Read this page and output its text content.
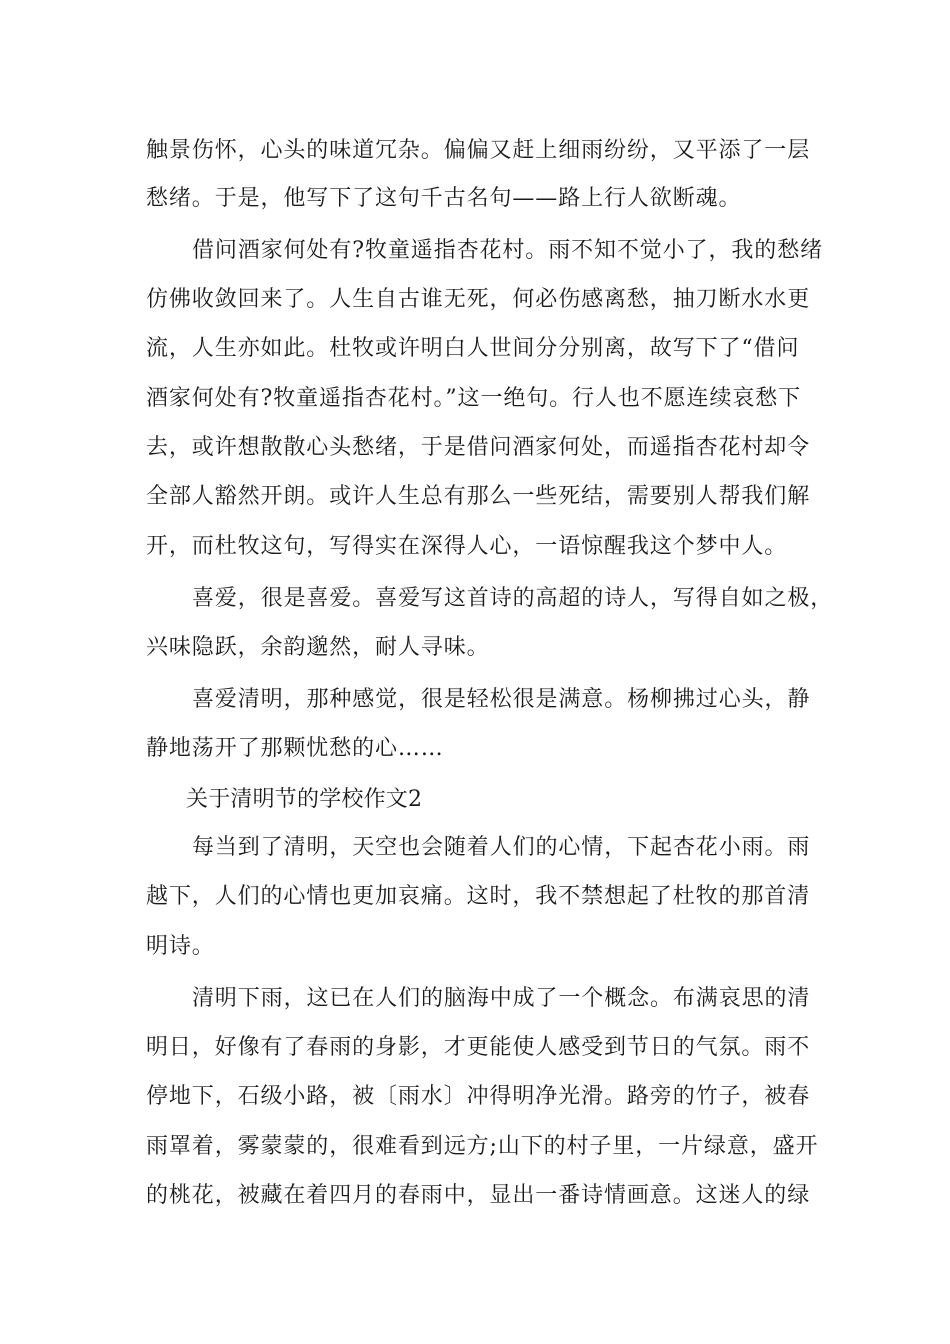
触景伤怀，心头的味道冗杂。偏偏又赶上细雨纷纷，又平添了一层
愁绪。于是，他写下了这句千古名句——路上行人欲断魂。
借问酒家何处有?牧童遥指杏花村。雨不知不觉小了，我的愁绪
仿佛收敛回来了。人生自古谁无死，何必伤感离愁，抽刀断水水更
流，人生亦如此。杜牧或许明白人世间分分别离，故写下了“借问
酒家何处有?牧童遥指杏花村。”这一绝句。行人也不愿连续哀愁下
去，或许想散散心头愁绪，于是借问酒家何处，而遥指杏花村却令
全部人豁然开朗。或许人生总有那么一些死结，需要别人帮我们解
开，而杜牧这句，写得实在深得人心，一语惊醒我这个梦中人。
喜爱，很是喜爱。喜爱写这首诗的高超的诗人，写得自如之极，
兴味隐跃，余韵邈然，耐人寻味。
喜爱清明，那种感觉，很是轻松很是满意。杨柳拂过心头，静
静地荡开了那颗忧愁的心……
关于清明节的学校作文2
每当到了清明，天空也会随着人们的心情，下起杏花小雨。雨
越下，人们的心情也更加哀痛。这时，我不禁想起了杜牧的那首清
明诗。
清明下雨，这已在人们的脑海中成了一个概念。布满哀思的清
明日，好像有了春雨的身影，才更能使人感受到节日的气氛。雨不
停地下，石级小路，被〔雨水〕冲得明净光滑。路旁的竹子，被春
雨罩着，雾蒙蒙的，很难看到远方;山下的村子里，一片绿意，盛开
的桃花，被藏在着四月的春雨中，显出一番诗情画意。这迷人的绿
